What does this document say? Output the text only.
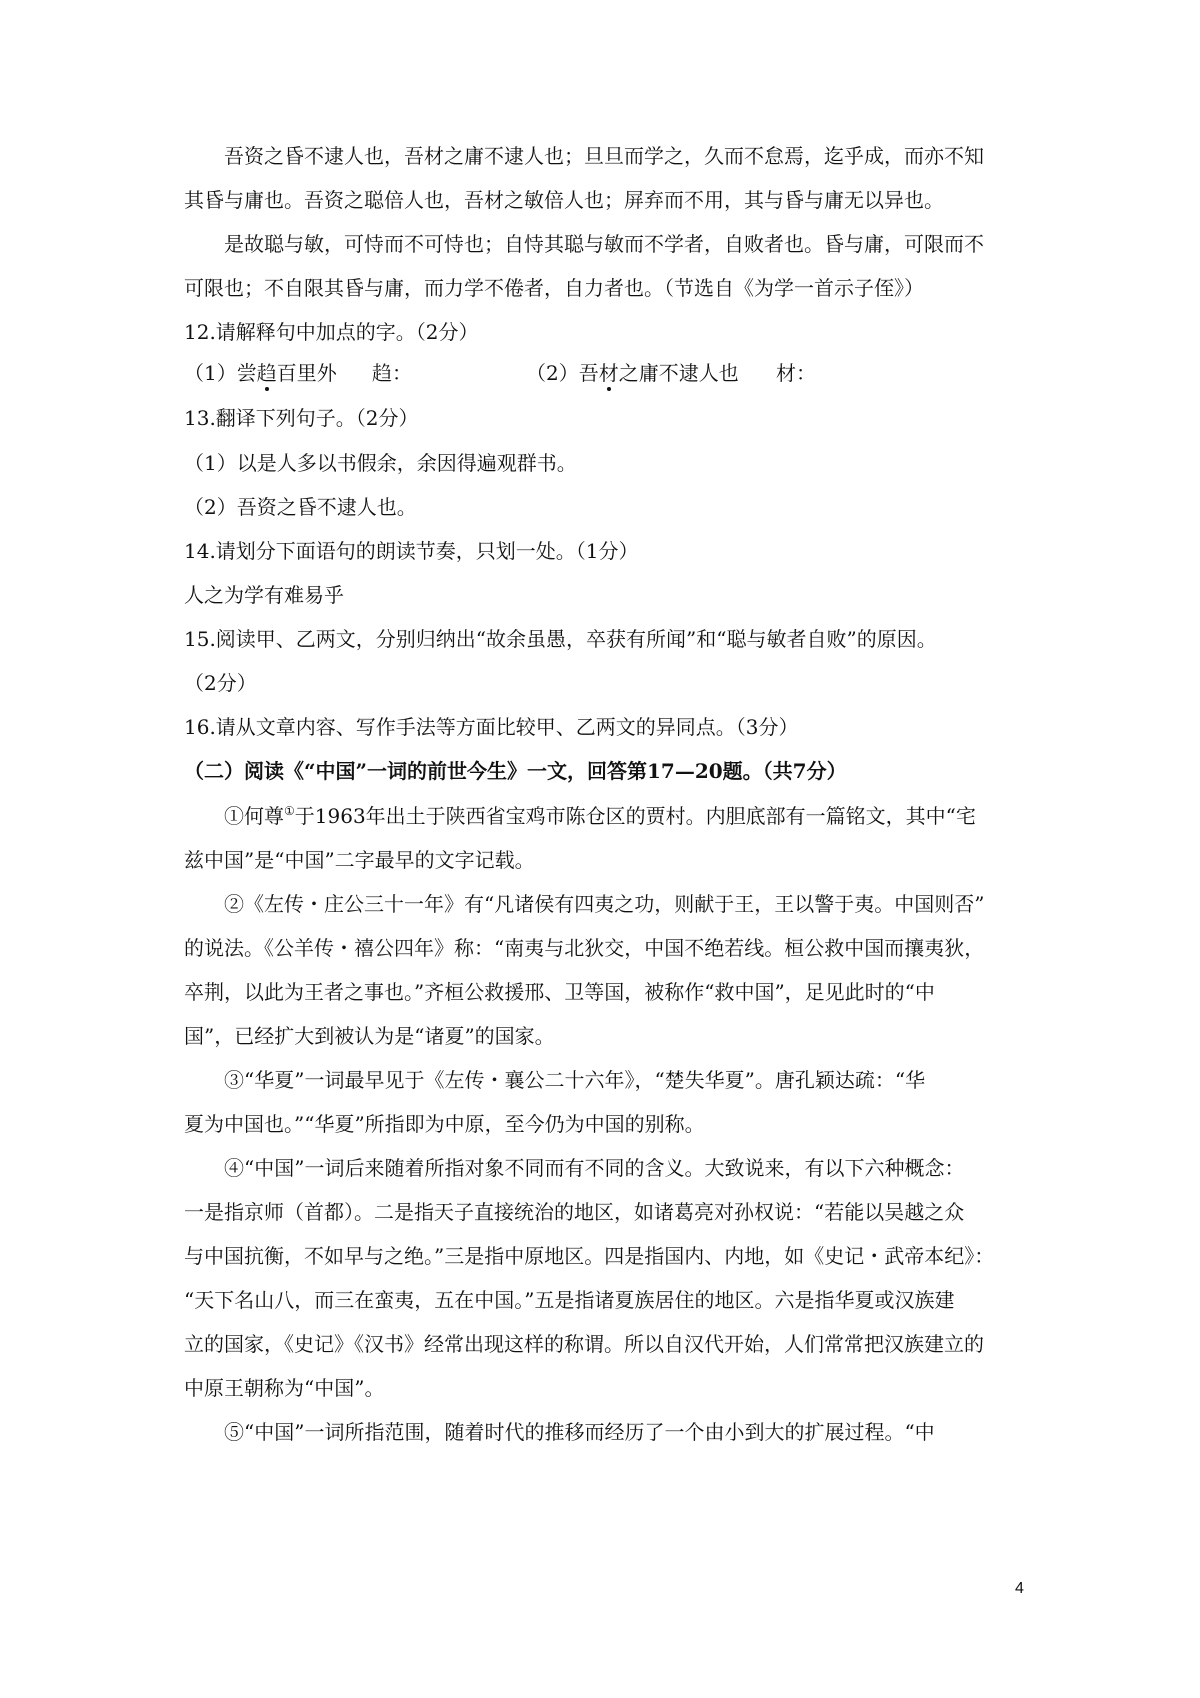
吾资之昏不逮人也，吾材之庸不逮人也；旦旦而学之，久而不怠焉，迄乎成，而亦不知
其昏与庸也。吾资之聪倍人也，吾材之敏倍人也；屏弃而不用，其与昏与庸无以异也。
是故聪与敏，可恃而不可恃也；自恃其聪与敏而不学者，自败者也。昏与庸，可限而不
可限也；不自限其昏与庸，而力学不倦者，自力者也。（节选自《为学一首示子侄》）
12.请解释句中加点的字。（2分）
（1）尝趋百里外 趋：	（2）吾材之庸不逮人也 材：
13.翻译下列句子。（2分）
（1）以是人多以书假余，余因得遍观群书。
（2）吾资之昏不逮人也。
14.请划分下面语句的朗读节奏，只划一处。（1分）
人之为学有难易乎
15.阅读甲、乙两文，分别归纳出“故余虽愚，卒获有所闻”和“聪与敏者自败”的原因。
（2分）
16.请从文章内容、写作手法等方面比较甲、乙两文的异同点。（3分）
（二）阅读《“中国”一词的前世今生》一文，回答第17—20题。（共7分）
①何尊①于1963年出土于陕西省宝鸡市陈仓区的贾村。内胆底部有一篇铭文，其中“宅
兹中国”是“中国”二字最早的文字记载。
②《左传・庄公三十一年》有“凡诸侯有四夷之功，则献于王，王以警于夷。中国则否”
的说法。《公羊传・禧公四年》称：“南夷与北狄交，中国不绝若线。桓公救中国而攘夷狄，
卒荆，以此为王者之事也。”齐桓公救援邢、卫等国，被称作“救中国”，足见此时的“中
国”，已经扩大到被认为是“诸夏”的国家。
③“华夏”一词最早见于《左传・襄公二十六年》，“楚失华夏”。唐孔颖达疏：“华
夏为中国也。”“华夏”所指即为中原，至今仍为中国的别称。
④“中国”一词后来随着所指对象不同而有不同的含义。大致说来，有以下六种概念：
一是指京师（首都）。二是指天子直接统治的地区，如诸葛亮对孙权说：“若能以吴越之众
与中国抗衡，不如早与之绝。”三是指中原地区。四是指国内、内地，如《史记・武帝本纪》：
“天下名山八，而三在蛮夷，五在中国。”五是指诸夏族居住的地区。六是指华夏或汉族建
立的国家，《史记》《汉书》经常出现这样的称谓。所以自汉代开始，人们常常把汉族建立的
中原王朝称为“中国”。
⑤“中国”一词所指范围，随着时代的推移而经历了一个由小到大的扩展过程。“中
4
